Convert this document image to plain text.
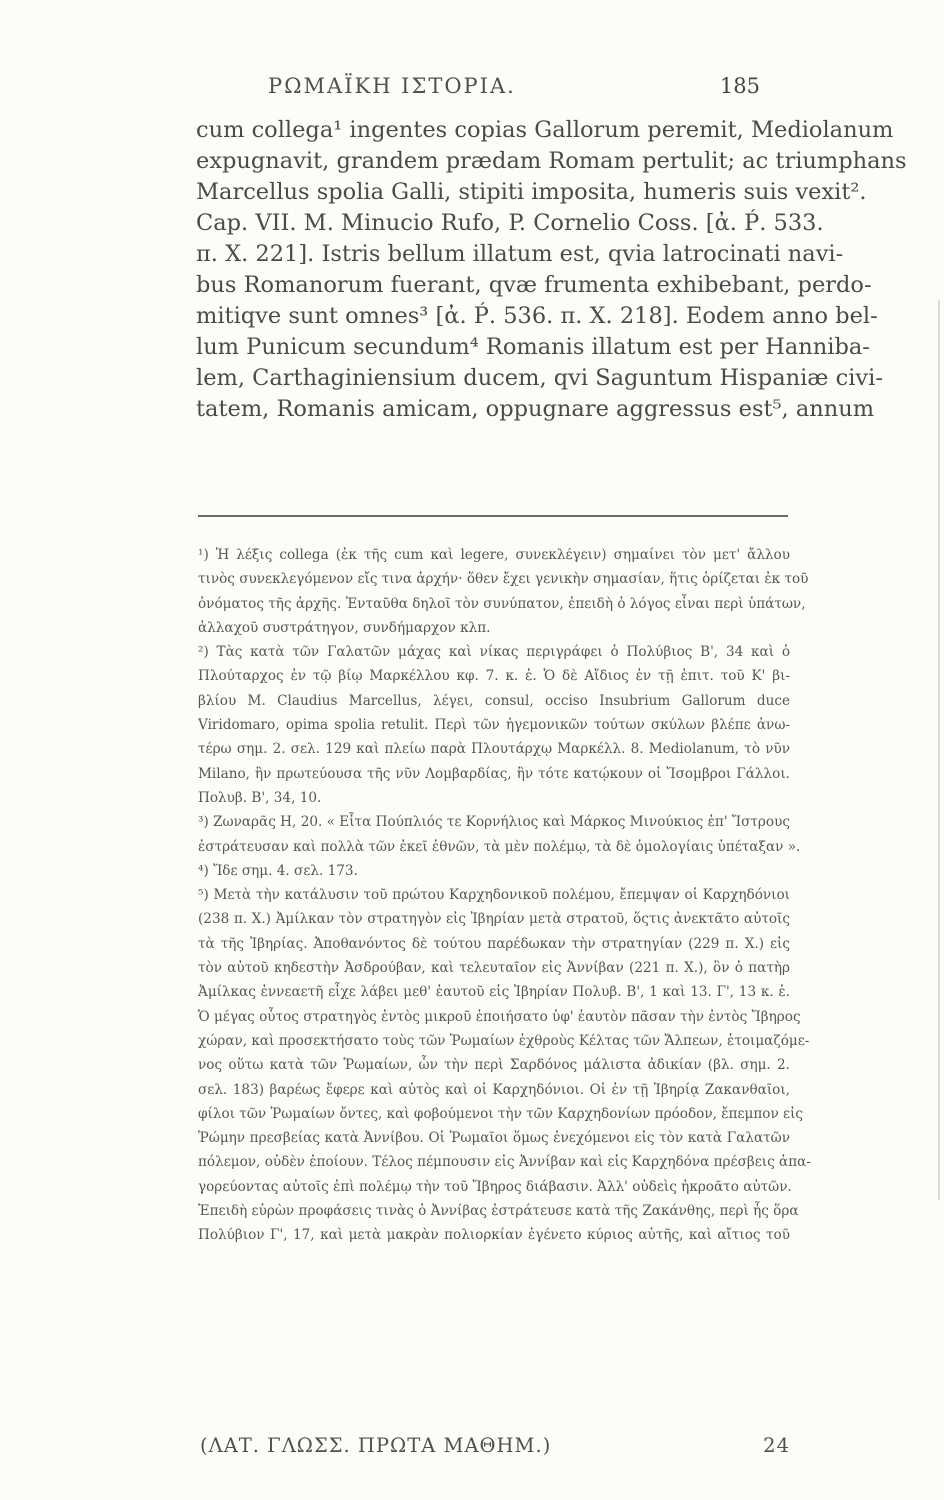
ΡΩΜΑΪΚΗ ΙΣΤΟΡΙΑ.	185
cum collega¹ ingentes copias Gallorum peremit, Mediolanum
expugnavit, grandem prædam Romam pertulit; ac triumphans
Marcellus spolia Galli, stipiti imposita, humeris suis vexit².
Cap. VII. M. Minucio Rufo, P. Cornelio Coss. [ἀ. Ṕ. 533.
π. X. 221]. Istris bellum illatum est, qvia latrocinati navi-
bus Romanorum fuerant, qvæ frumenta exhibebant, perdo-
mitiqve sunt omnes³ [ἀ. Ṕ. 536. π. X. 218]. Eodem anno bel-
lum Punicum secundum⁴ Romanis illatum est per Hanniba-
lem, Carthaginiensium ducem, qvi Saguntum Hispaniæ civi-
tatem, Romanis amicam, oppugnare aggressus est⁵, annum
¹) Ἡ λέξις collega (ἐκ τῆς cum καὶ legere, συνεκλέγειν) σημαίνει τὸν μετ' ἄλλου
τινὸς συνεκλεγόμενον εἴς τινα ἀρχήν· ὅθεν ἔχει γενικὴν σημασίαν, ἥτις ὁρίζεται ἐκ τοῦ
ὀνόματος τῆς ἀρχῆς. Ἐνταῦθα δηλοῖ τὸν συνύπατον, ἐπειδὴ ὁ λόγος εἶναι περὶ ὑπάτων,
ἀλλαχοῦ συστράτηγον, συνδήμαρχον κλπ.
²) Τὰς κατὰ τῶν Γαλατῶν μάχας καὶ νίκας περιγράφει ὁ Πολύβιος Β', 34 καὶ ὁ
Πλούταρχος ἐν τῷ βίῳ Μαρκέλλου κφ. 7. κ. ἑ. Ὁ δὲ Αἴδιος ἐν τῇ ἐπιτ. τοῦ Κ' βι-
βλίου M. Claudius Marcellus, λέγει, consul, occiso Insubrium Gallorum duce
Viridomaro, opima spolia retulit. Περὶ τῶν ἡγεμονικῶν τούτων σκύλων βλέπε ἀνω-
τέρω σημ. 2. σελ. 129 καὶ πλείω παρὰ Πλουτάρχῳ Μαρκέλλ. 8. Mediolanum, τὸ νῦν
Milano, ἣν πρωτεύουσα τῆς νῦν Λομβαρδίας, ἣν τότε κατῴκουν οἱ Ἴσομβροι Γάλλοι.
Πολυβ. Β', 34, 10.
³) Ζωναρᾶς Η, 20. « Εἶτα Πούπλιός τε Κορνήλιος καὶ Μάρκος Μινούκιος ἐπ' Ἴστρους
ἐστράτευσαν καὶ πολλὰ τῶν ἐκεῖ ἐθνῶν, τὰ μὲν πολέμῳ, τὰ δὲ ὁμολογίαις ὑπέταξαν ».
⁴) Ἴδε σημ. 4. σελ. 173.
⁵) Μετὰ τὴν κατάλυσιν τοῦ πρώτου Καρχηδονικοῦ πολέμου, ἔπεμψαν οἱ Καρχηδόνιοι
(238 π. X.) Ἀμίλκαν τὸν στρατηγὸν εἰς Ἰβηρίαν μετὰ στρατοῦ, ὅςτις ἀνεκτᾶτο αὐτοῖς
τὰ τῆς Ἰβηρίας. Ἀποθανόντος δὲ τούτου παρέδωκαν τὴν στρατηγίαν (229 π. X.) εἰς
τὸν αὐτοῦ κηδεστὴν Ἀσδρούβαν, καὶ τελευταῖον εἰς Ἀννίβαν (221 π. X.), ὃν ὁ πατὴρ
Ἀμίλκας ἐννεαετῆ εἶχε λάβει μεθ' ἑαυτοῦ εἰς Ἰβηρίαν Πολυβ. Β', 1 καὶ 13. Γ', 13 κ. ἑ.
Ὁ μέγας οὗτος στρατηγὸς ἐντὸς μικροῦ ἐποιήσατο ὑφ' ἑαυτὸν πᾶσαν τὴν ἐντὸς Ἴβηρος
χώραν, καὶ προσεκτήσατο τοὺς τῶν Ῥωμαίων ἐχθροὺς Κέλτας τῶν Ἄλπεων, ἑτοιμαζόμε-
νος οὕτω κατὰ τῶν Ῥωμαίων, ὧν τὴν περὶ Σαρδόνος μάλιστα ἀδικίαν (βλ. σημ. 2.
σελ. 183) βαρέως ἔφερε καὶ αὐτὸς καὶ οἱ Καρχηδόνιοι. Οἱ ἐν τῇ Ἰβηρίᾳ Ζακανθαῖοι,
φίλοι τῶν Ῥωμαίων ὄντες, καὶ φοβούμενοι τὴν τῶν Καρχηδονίων πρόοδον, ἔπεμπον εἰς
Ῥώμην πρεσβείας κατὰ Ἀννίβου. Οἱ Ῥωμαῖοι ὅμως ἐνεχόμενοι εἰς τὸν κατὰ Γαλατῶν
πόλεμον, οὐδὲν ἐποίουν. Τέλος πέμπουσιν εἰς Ἀννίβαν καὶ εἰς Καρχηδόνα πρέσβεις ἀπα-
γορεύοντας αὐτοῖς ἐπὶ πολέμῳ τὴν τοῦ Ἴβηρος διάβασιν. Ἀλλ' οὐδεὶς ἠκροᾶτο αὐτῶν.
Ἐπειδὴ εὑρὼν προφάσεις τινὰς ὁ Ἀννίβας ἐστράτευσε κατὰ τῆς Ζακάνθης, περὶ ἧς ὅρα
Πολύβιον Γ', 17, καὶ μετὰ μακρὰν πολιορκίαν ἐγένετο κύριος αὐτῆς, καὶ αἴτιος τοῦ
(ΛΑΤ. ΓΛΩΣΣ. ΠΡΩΤΑ ΜΑΘΗΜ.)	24
